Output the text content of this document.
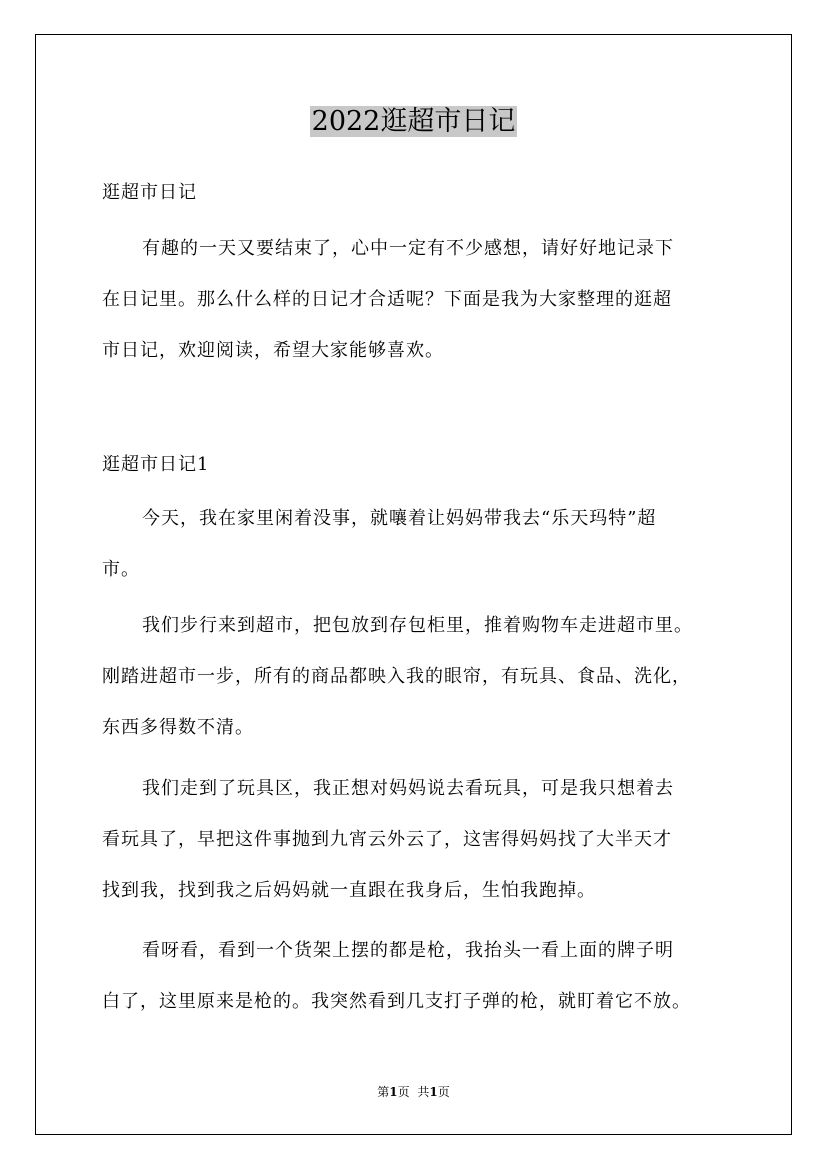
2022逛超市日记
逛超市日记
有趣的一天又要结束了，心中一定有不少感想，请好好地记录下
在日记里。那么什么样的日记才合适呢？下面是我为大家整理的逛超
市日记，欢迎阅读，希望大家能够喜欢。
逛超市日记1
今天，我在家里闲着没事，就嚷着让妈妈带我去“乐天玛特”超
市。
我们步行来到超市，把包放到存包柜里，推着购物车走进超市里。
刚踏进超市一步，所有的商品都映入我的眼帘，有玩具、食品、洗化，
东西多得数不清。
我们走到了玩具区，我正想对妈妈说去看玩具，可是我只想着去
看玩具了，早把这件事抛到九宵云外云了，这害得妈妈找了大半天才
找到我，找到我之后妈妈就一直跟在我身后，生怕我跑掉。
看呀看，看到一个货架上摆的都是枪，我抬头一看上面的牌子明
白了，这里原来是枪的。我突然看到几支打子弹的枪，就盯着它不放。
第1页 共1页
